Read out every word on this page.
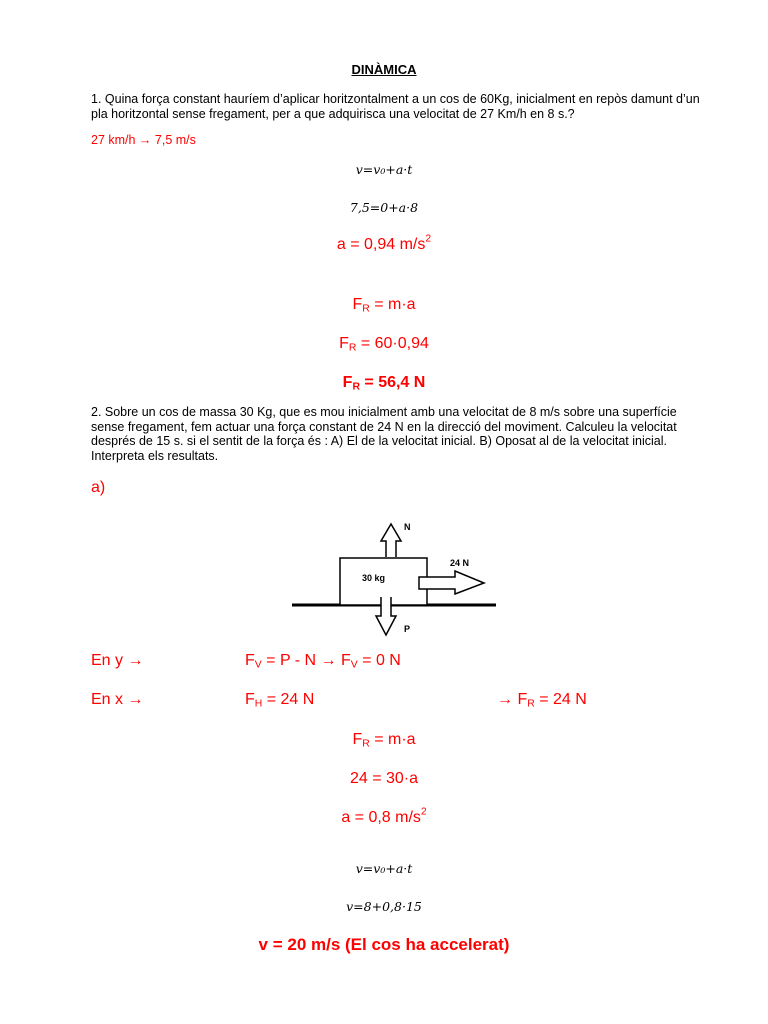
DINÀMICA
1. Quina força constant hauríem d’aplicar horitzontalment a un cos de 60Kg, inicialment en repòs damunt d’un pla horitzontal sense fregament, per a que adquirisca una velocitat de 27 Km/h en 8 s.?
27 km/h → 7,5 m/s
v=v₀+a·t
7,5=0+a·8
a = 0,94 $m/s^2$
$F_R = m\cdot a$
$F_R = 60\cdot 0,94$
$F_R = 56,4$ N
2. Sobre un cos de massa 30 Kg, que es mou inicialment amb una velocitat de 8 m/s sobre una superfície sense fregament, fem actuar una força constant de 24 N en la direcció del moviment. Calculeu la velocitat després de 15 s. si el sentit de la força és : A) El de la velocitat inicial. B) Oposat al de la velocitat inicial. Interpreta els resultats.
a)
N
P
24 N
30 kg
En y →	$F_V = P - N \to F_V = 0$ N
En x →	$F_H = 24$ N	→ $F_R = 24$ N
$F_R = m\cdot a$
24 = 30·a
a = 0,8 $m/s^2$
v=v₀+a·t
v=8+0,8·15
v = 20 m/s (El cos ha accelerat)
